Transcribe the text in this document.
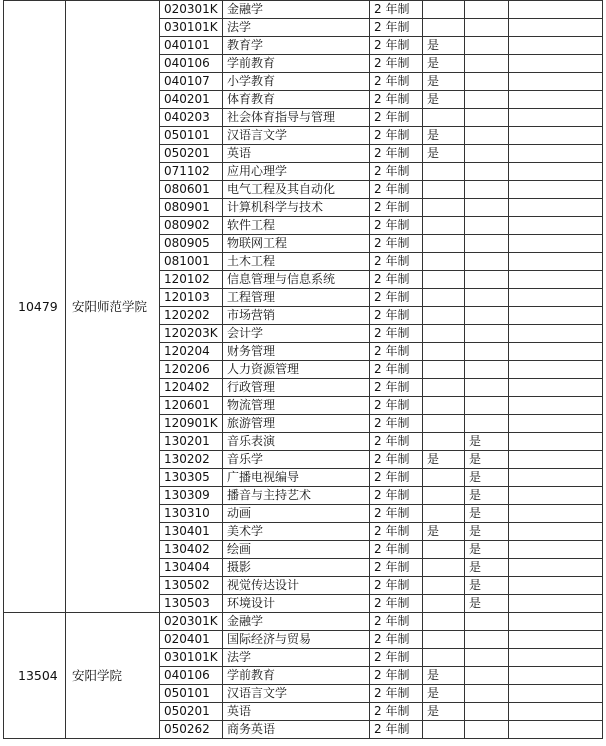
10479	安阳师范学院	020301K	金融学	2 年制			
		030101K	法学	2 年制			
		040101	教育学	2 年制	是		
		040106	学前教育	2 年制	是		
		040107	小学教育	2 年制	是		
		040201	体育教育	2 年制	是		
		040203	社会体育指导与管理	2 年制			
		050101	汉语言文学	2 年制	是		
		050201	英语	2 年制	是		
		071102	应用心理学	2 年制			
		080601	电气工程及其自动化	2 年制			
		080901	计算机科学与技术	2 年制			
		080902	软件工程	2 年制			
		080905	物联网工程	2 年制			
		081001	土木工程	2 年制			
		120102	信息管理与信息系统	2 年制			
		120103	工程管理	2 年制			
		120202	市场营销	2 年制			
		120203K	会计学	2 年制			
		120204	财务管理	2 年制			
		120206	人力资源管理	2 年制			
		120402	行政管理	2 年制			
		120601	物流管理	2 年制			
		120901K	旅游管理	2 年制			
		130201	音乐表演	2 年制		是	
		130202	音乐学	2 年制	是	是	
		130305	广播电视编导	2 年制		是	
		130309	播音与主持艺术	2 年制		是	
		130310	动画	2 年制		是	
		130401	美术学	2 年制	是	是	
		130402	绘画	2 年制		是	
		130404	摄影	2 年制		是	
		130502	视觉传达设计	2 年制		是	
		130503	环境设计	2 年制		是	
13504	安阳学院	020301K	金融学	2 年制			
		020401	国际经济与贸易	2 年制			
		030101K	法学	2 年制			
		040106	学前教育	2 年制	是		
		050101	汉语言文学	2 年制	是		
		050201	英语	2 年制	是		
		050262	商务英语	2 年制			
